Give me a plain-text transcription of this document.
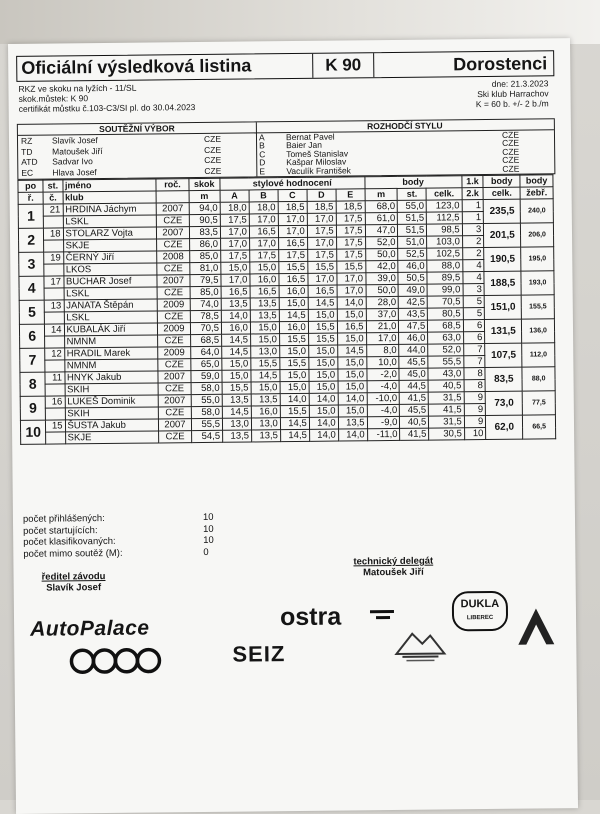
Oficiální výsledková listina	K 90	Dorostenci
RKZ ve skoku na lyžích - 11/SL
skok.můstek: K 90
certifikát můstku č.103-C3/SI pl. do 30.04.2023
dne: 21.3.2023
Ski klub Harrachov
K = 60 b. +/- 2 b./m
SOUTĚŽNÍ VÝBOR
RZ Slavík Josef	CZE
TD Matoušek Jiří	CZE
ATD Sadvar Ivo	CZE
EC Hlava Josef	CZE
ROZHODČÍ STYLU
A Bernat Pavel	CZE
B Baier Jan	CZE
C Tomeš Stanislav	CZE
D Kašpar Miloslav	CZE
E Vaculík František	CZE
po	st.	jméno	roč.	skok	stylové hodnocení					body			1.k	body	body
ř.	č.	klub		m	A	B	C	D	E	m	st.	celk.	2.k	celk.	žebř.
1	21	HRDINA Jáchym	2007	94,0	18,0	18,0	18,5	18,5	18,5	68,0	55,0	123,0	1	235,5	240,0
		LSKL	CZE	90,5	17,5	17,0	17,0	17,0	17,5	61,0	51,5	112,5	1		
2	18	STOLARZ Vojta	2007	83,5	17,0	16,5	17,0	17,5	17,5	47,0	51,5	98,5	3	201,5	206,0
		SKJE	CZE	86,0	17,0	17,0	16,5	17,0	17,5	52,0	51,0	103,0	2		
3	19	ČERNÝ Jiří	2008	85,0	17,5	17,5	17,5	17,5	17,5	50,0	52,5	102,5	2	190,5	195,0
		LKOS	CZE	81,0	15,0	15,0	15,5	15,5	15,5	42,0	46,0	88,0	4		
4	17	BUCHAR Josef	2007	79,5	17,0	16,0	16,5	17,0	17,0	39,0	50,5	89,5	4	188,5	193,0
		LSKL	CZE	85,0	16,5	16,5	16,0	16,5	17,0	50,0	49,0	99,0	3		
5	13	JANATA Štěpán	2009	74,0	13,5	13,5	15,0	14,5	14,0	28,0	42,5	70,5	5	151,0	155,5
		LSKL	CZE	78,5	14,0	13,5	14,5	15,0	15,0	37,0	43,5	80,5	5		
6	14	KUBALÁK Jiří	2009	70,5	16,0	15,0	16,0	15,5	16,5	21,0	47,5	68,5	6	131,5	136,0
		NMNM	CZE	68,5	14,5	15,0	15,5	15,5	15,0	17,0	46,0	63,0	6		
7	12	HRADIL Marek	2009	64,0	14,5	13,0	15,0	15,0	14,5	8,0	44,0	52,0	7	107,5	112,0
		NMNM	CZE	65,0	15,0	15,5	15,5	15,0	15,0	10,0	45,5	55,5	7		
8	11	HNYK Jakub	2007	59,0	15,0	14,5	15,0	15,0	15,0	-2,0	45,0	43,0	8	83,5	88,0
		SKIH	CZE	58,0	15,5	15,0	15,0	15,0	15,0	-4,0	44,5	40,5	8		
9	16	LUKEŠ Dominik	2007	55,0	13,5	13,5	14,0	14,0	14,0	-10,0	41,5	31,5	9	73,0	77,5
		SKIH	CZE	58,0	14,5	16,0	15,5	15,0	15,0	-4,0	45,5	41,5	9		
10	15	ŠUSTA Jakub	2007	55,5	13,0	13,0	14,5	14,0	13,5	-9,0	40,5	31,5	9	62,0	66,5
		SKJE	CZE	54,5	13,5	13,5	14,5	14,0	14,0	-11,0	41,5	30,5	10		
počet přihlášených:	10
počet startujících:	10
počet klasifikovaných:	10
počet mimo soutěž (M):	0
ředitel závodu
Slavík Josef
technický delegát
Matoušek Jiří
AutoPalace	ostra
SEIZ
DUKLA
LIBEREC
